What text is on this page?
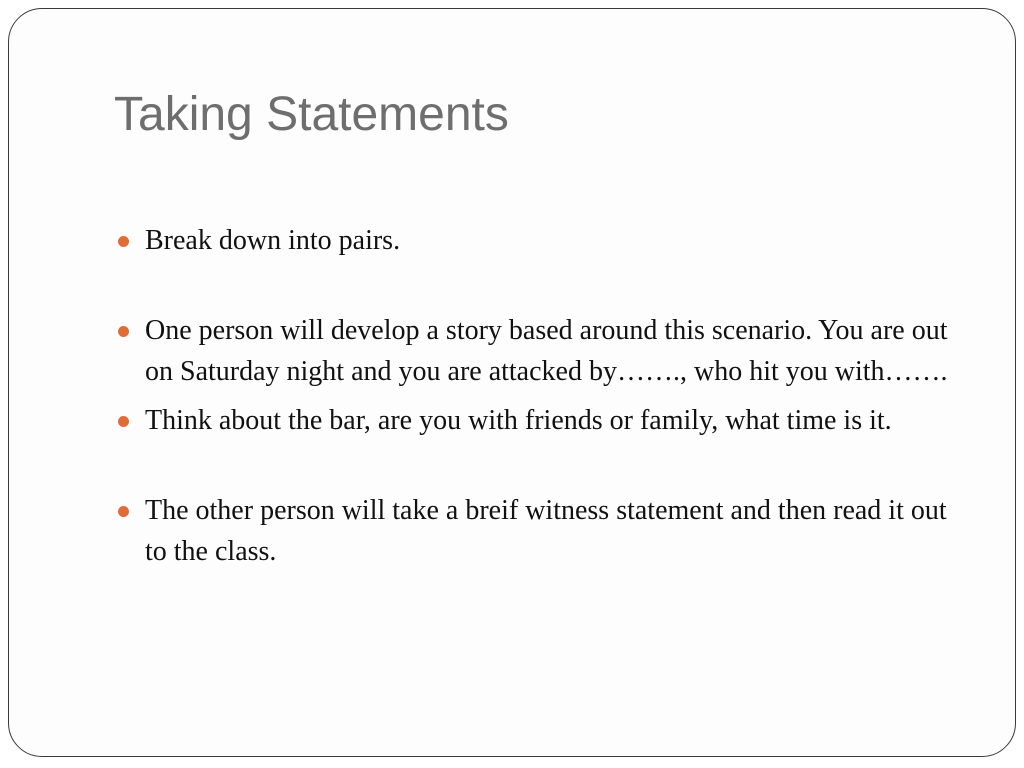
Taking Statements
Break down into pairs.
One person will develop a story based around this scenario. You are out on Saturday night and you are attacked by……., who hit you with…….
Think about the bar, are you with friends or family, what time is it.
The other person will take a breif witness statement and then read it out to the class.
